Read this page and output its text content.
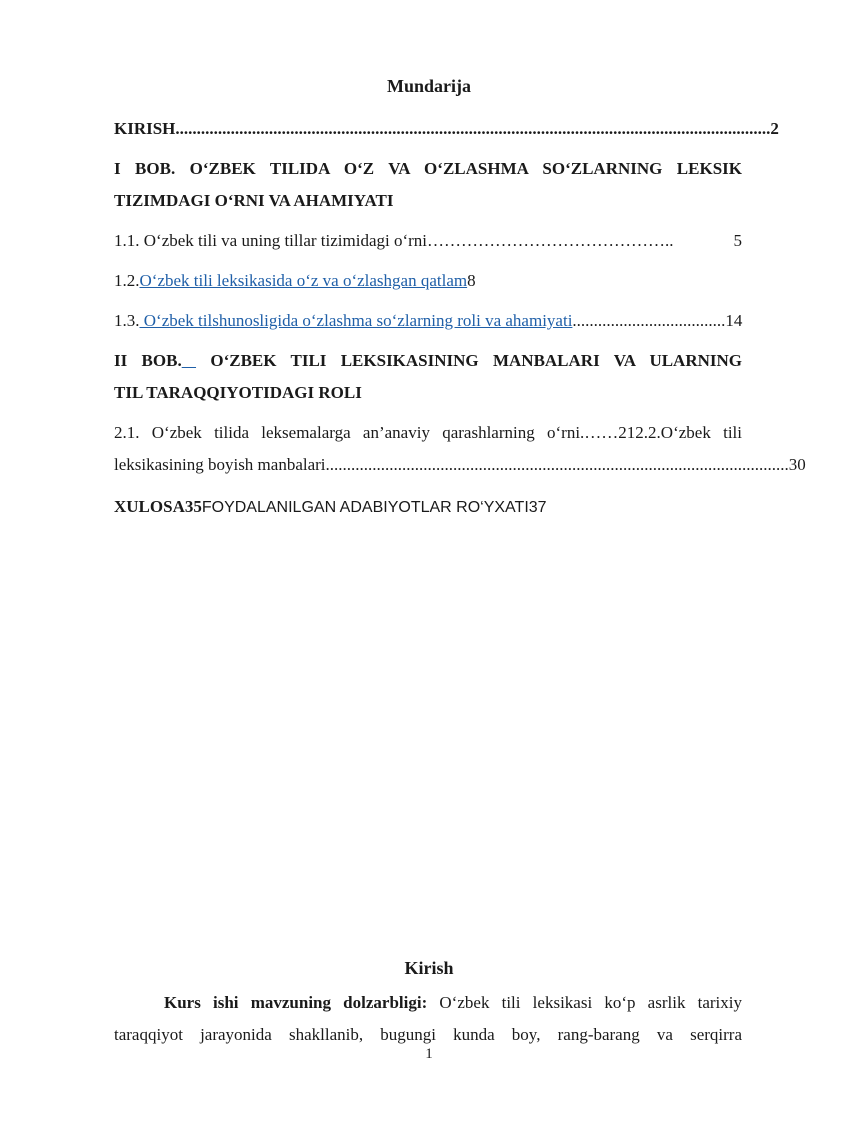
Mundarija
KIRISH ............................................................................................................................................ 2
I BOB. O‘ZBEK TILIDA O‘Z VA O‘ZLASHMA SO‘ZLARNING LEKSIK
TIZIMDAGI O‘RNI VA AHAMIYATI
1.1. O‘zbek tili va uning tillar tizimidagi o‘rni ……………………………………..	5
1.2.O‘zbek tili leksikasida o‘z va o‘zlashgan qatlam8
1.3. O‘zbek tilshunosligida o‘zlashma so‘zlarning roli va ahamiyati .................................... 14
II BOB.  O‘ZBEK TILI LEKSIKASINING MANBALARI VA ULARNING
TIL TARAQQIYOTIDAGI ROLI
2.1. O‘zbek tilida leksemalarga an’anaviy qarashlarning o‘rni.……212.2.O‘zbek tili
leksikasining boyish manbalari ............................................................................................................. 30
XULOSA35FOYDALANILGAN ADABIYOTLAR RO‘YXATI37
Kirish
Kurs ishi mavzuning dolzarbligi: O‘zbek tili leksikasi ko‘p asrlik tarixiy
taraqqiyot jarayonida shakllanib, bugungi kunda boy, rang-barang va serqirra
1
